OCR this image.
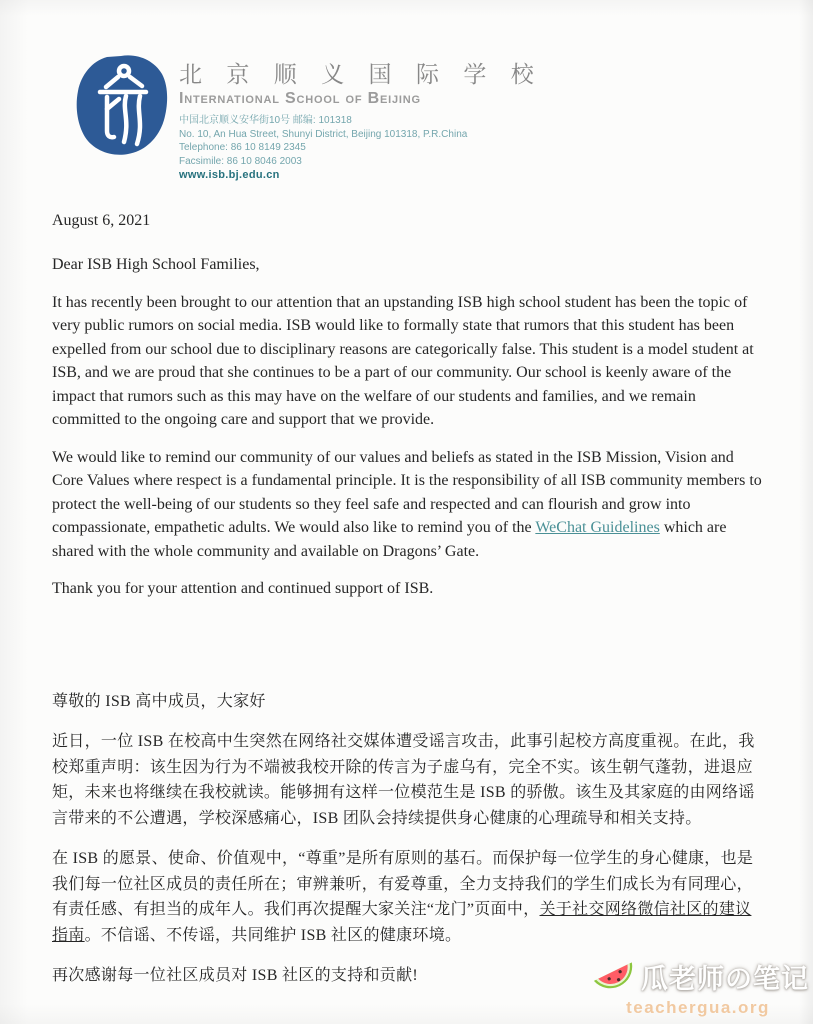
北 京 顺 义 国 际 学 校
International School of Beijing
中国北京顺义安华街10号 邮编: 101318
No. 10, An Hua Street, Shunyi District, Beijing 101318, P.R.China
Telephone: 86 10 8149 2345
Facsimile: 86 10 8046 2003
www.isb.bj.edu.cn
August 6, 2021
Dear ISB High School Families,

It has recently been brought to our attention that an upstanding ISB high school student has been the topic of very public rumors on social media. ISB would like to formally state that rumors that this student has been expelled from our school due to disciplinary reasons are categorically false. This student is a model student at ISB, and we are proud that she continues to be a part of our community. Our school is keenly aware of the impact that rumors such as this may have on the welfare of our students and families, and we remain committed to the ongoing care and support that we provide.

We would like to remind our community of our values and beliefs as stated in the ISB Mission, Vision and Core Values where respect is a fundamental principle. It is the responsibility of all ISB community members to protect the well-being of our students so they feel safe and respected and can flourish and grow into compassionate, empathetic adults. We would also like to remind you of the WeChat Guidelines which are shared with the whole community and available on Dragons’ Gate.

Thank you for your attention and continued support of ISB.

尊敬的 ISB 高中成员，大家好

近日，一位 ISB 在校高中生突然在网络社交媒体遭受谣言攻击，此事引起校方高度重视。在此，我校郑重声明：该生因为行为不端被我校开除的传言为子虚乌有，完全不实。该生朝气蓬勃，进退应矩，未来也将继续在我校就读。能够拥有这样一位模范生是 ISB 的骄傲。该生及其家庭的由网络谣言带来的不公遭遇，学校深感痛心，ISB 团队会持续提供身心健康的心理疏导和相关支持。

在 ISB 的愿景、使命、价值观中，“尊重”是所有原则的基石。而保护每一位学生的身心健康，也是我们每一位社区成员的责任所在；审辨兼听，有爱尊重，全力支持我们的学生们成长为有同理心，有责任感、有担当的成年人。我们再次提醒大家关注“龙门”页面中，关于社交网络微信社区的建议指南。不信谣、不传谣，共同维护 ISB 社区的健康环境。

再次感谢每一位社区成员对 ISB 社区的支持和贡献!	瓜老师の笔记
teachergua.org
